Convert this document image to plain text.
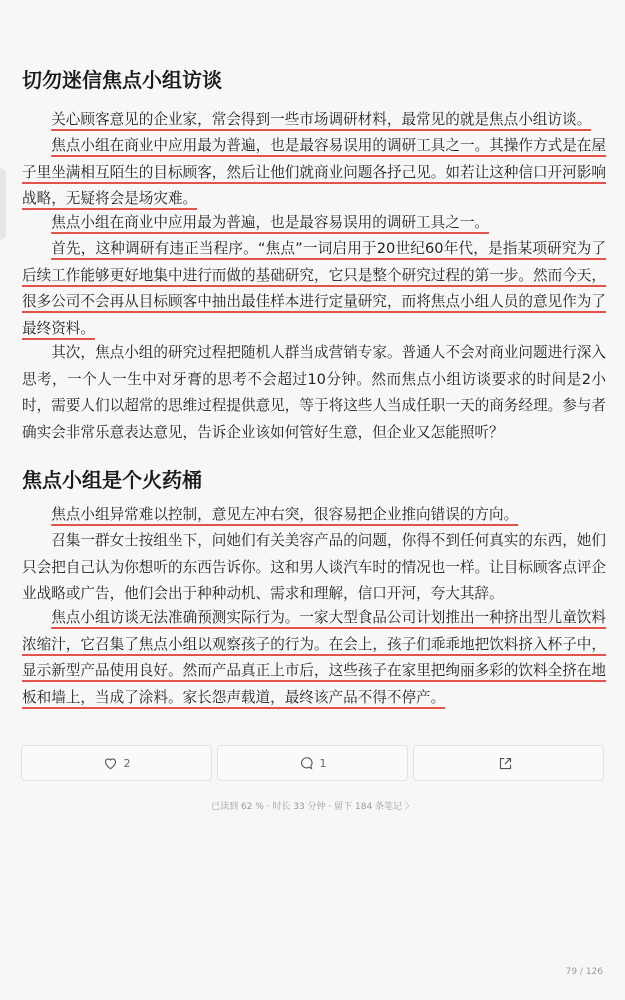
切勿迷信焦点小组访谈

关心顾客意见的企业家，常会得到一些市场调研材料，最常见的就是焦点小组访谈。

焦点小组在商业中应用最为普遍，也是最容易误用的调研工具之一。其操作方式是在屋子里坐满相互陌生的目标顾客，然后让他们就商业问题各抒己见。如若让这种信口开河影响战略，无疑将会是场灾难。

焦点小组在商业中应用最为普遍，也是最容易误用的调研工具之一。

首先，这种调研有违正当程序。“焦点”一词启用于20世纪60年代，是指某项研究为了后续工作能够更好地集中进行而做的基础研究，它只是整个研究过程的第一步。然而今天，很多公司不会再从目标顾客中抽出最佳样本进行定量研究，而将焦点小组人员的意见作为了最终资料。

其次，焦点小组的研究过程把随机人群当成营销专家。普通人不会对商业问题进行深入思考，一个人一生中对牙膏的思考不会超过10分钟。然而焦点小组访谈要求的时间是2小时，需要人们以超常的思维过程提供意见，等于将这些人当成任职一天的商务经理。参与者确实会非常乐意表达意见，告诉企业该如何管好生意，但企业又怎能照听？

焦点小组是个火药桶

焦点小组异常难以控制，意见左冲右突，很容易把企业推向错误的方向。

召集一群女士按组坐下，问她们有关美容产品的问题，你得不到任何真实的东西，她们只会把自己认为你想听的东西告诉你。这和男人谈汽车时的情况也一样。让目标顾客点评企业战略或广告，他们会出于种种动机、需求和理解，信口开河，夸大其辞。

焦点小组访谈无法准确预测实际行为。一家大型食品公司计划推出一种挤出型儿童饮料浓缩汁，它召集了焦点小组以观察孩子的行为。在会上，孩子们乖乖地把饮料挤入杯子中，显示新型产品使用良好。然而产品真正上市后，这些孩子在家里把绚丽多彩的饮料全挤在地板和墙上，当成了涂料。家长怨声载道，最终该产品不得不停产。

2	1
已读到 62 % · 时长 33 分钟 · 留下 184 条笔记 〉
79 / 126
